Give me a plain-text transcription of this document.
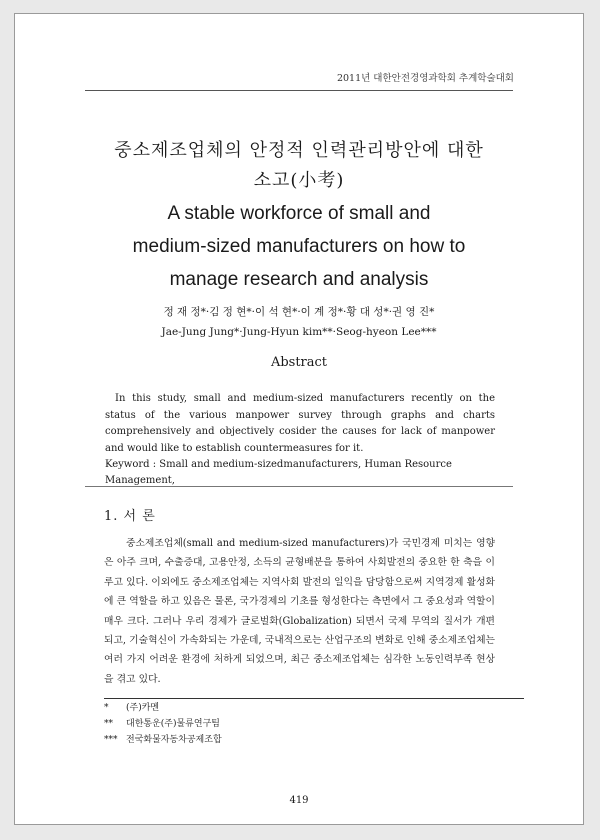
2011년 대한안전경영과학회 추계학술대회
중소제조업체의 안정적 인력관리방안에 대한
소고(小考)
A stable workforce of small and
medium-sized manufacturers on how to
manage research and analysis
정 재 정*·김 정 현*·이 석 현*·이 계 정*·황 대 성*·권 영 진*
Jae-Jung Jung*·Jung-Hyun kim**·Seog-hyeon Lee***
Abstract

In this study, small and medium-sized manufacturers recently on the status of the various manpower survey through graphs and charts comprehensively and objectively cosider the causes for lack of manpower and would like to establish countermeasures for it.

Keyword : Small and medium-sizedmanufacturers, Human Resource Management,
1. 서 론

중소제조업체(small and medium-sized manufacturers)가 국민경제 미치는 영향은 아주 크며, 수출증대, 고용안정, 소득의 균형배분을 통하여 사회발전의 중요한 한 축을 이루고 있다. 이외에도 중소제조업체는 지역사회 발전의 일익을 담당함으로써 지역경제 활성화에 큰 역할을 하고 있음은 물론, 국가경제의 기초를 형성한다는 측면에서 그 중요성과 역할이 매우 크다. 그러나 우리 경제가 글로벌화(Globalization) 되면서 국제 무역의 질서가 개편되고, 기술혁신이 가속화되는 가운데, 국내적으로는 산업구조의 변화로 인해 중소제조업체는 여러 가지 어려운 환경에 처하게 되었으며, 최근 중소제조업체는 심각한 노동인력부족 현상을 겪고 있다.

* (주)카멘
** 대한통운(주)물류연구팀
*** 전국화물자동차공제조합
419
